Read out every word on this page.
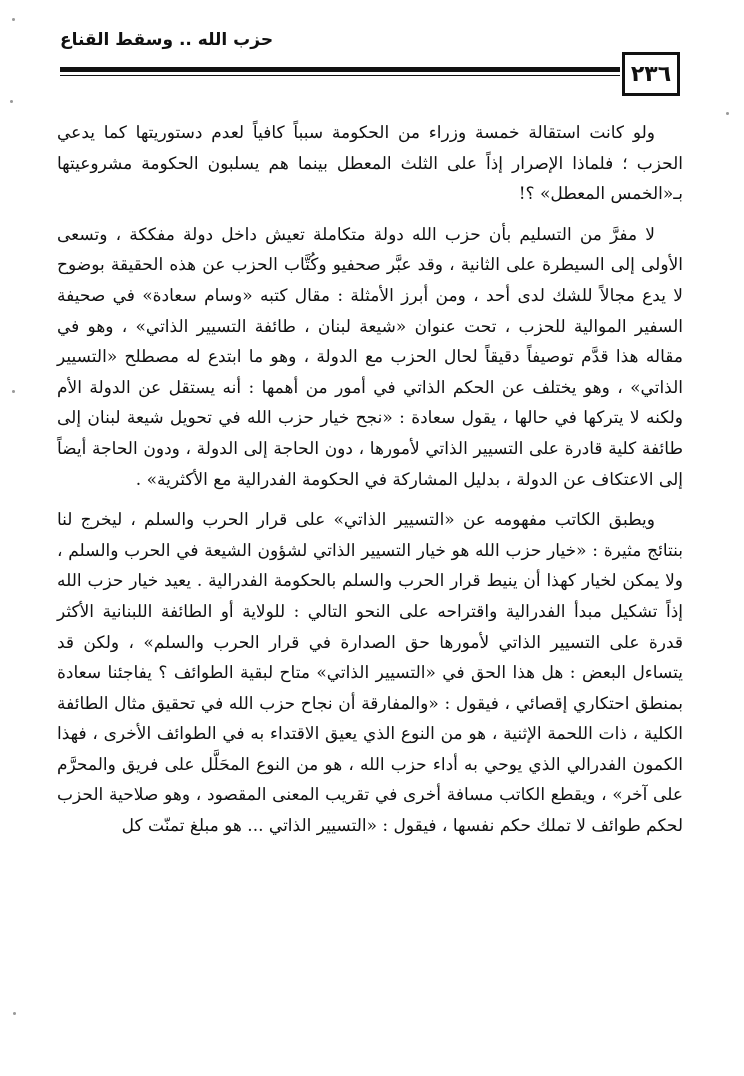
حزب الله .. وسقط القناع
٢٣٦

ولو كانت استقالة خمسة وزراء من الحكومة سبباً كافياً لعدم دستوريتها كما يدعي الحزب ؛ فلماذا الإصرار إذاً على الثلث المعطل بينما هم يسلبون الحكومة مشروعيتها بـ«الخمس المعطل» ؟!

لا مفرَّ من التسليم بأن حزب الله دولة متكاملة تعيش داخل دولة مفككة ، وتسعى الأولى إلى السيطرة على الثانية ، وقد عبَّر صحفيو وكُتَّاب الحزب عن هذه الحقيقة بوضوح لا يدع مجالاً للشك لدى أحد ، ومن أبرز الأمثلة : مقال كتبه «وسام سعادة» في صحيفة السفير الموالية للحزب ، تحت عنوان «شيعة لبنان ، طائفة التسيير الذاتي» ، وهو في مقاله هذا قدَّم توصيفاً دقيقاً لحال الحزب مع الدولة ، وهو ما ابتدع له مصطلح «التسيير الذاتي» ، وهو يختلف عن الحكم الذاتي في أمور من أهمها : أنه يستقل عن الدولة الأم ولكنه لا يتركها في حالها ، يقول سعادة : «نجح خيار حزب الله في تحويل شيعة لبنان إلى طائفة كلية قادرة على التسيير الذاتي لأمورها ، دون الحاجة إلى الدولة ، ودون الحاجة أيضاً إلى الاعتكاف عن الدولة ، بدليل المشاركة في الحكومة الفدرالية مع الأكثرية» .

ويطبق الكاتب مفهومه عن «التسيير الذاتي» على قرار الحرب والسلم ، ليخرج لنا بنتائج مثيرة : «خيار حزب الله هو خيار التسيير الذاتي لشؤون الشيعة في الحرب والسلم ، ولا يمكن لخيار كهذا أن ينيط قرار الحرب والسلم بالحكومة الفدرالية . يعيد خيار حزب الله إذاً تشكيل مبدأ الفدرالية واقتراحه على النحو التالي : للولاية أو الطائفة اللبنانية الأكثر قدرة على التسيير الذاتي لأمورها حق الصدارة في قرار الحرب والسلم» ، ولكن قد يتساءل البعض : هل هذا الحق في «التسيير الذاتي» متاح لبقية الطوائف ؟ يفاجئنا سعادة بمنطق احتكاري إقصائي ، فيقول : «والمفارقة أن نجاح حزب الله في تحقيق مثال الطائفة الكلية ، ذات اللحمة الإثنية ، هو من النوع الذي يعيق الاقتداء به في الطوائف الأخرى ، فهذا الكمون الفدرالي الذي يوحي به أداء حزب الله ، هو من النوع المحَلَّل على فريق والمحرَّم على آخر» ، ويقطع الكاتب مسافة أخرى في تقريب المعنى المقصود ، وهو صلاحية الحزب لحكم طوائف لا تملك حكم نفسها ، فيقول : «التسيير الذاتي ... هو مبلغ تمنّت كل
